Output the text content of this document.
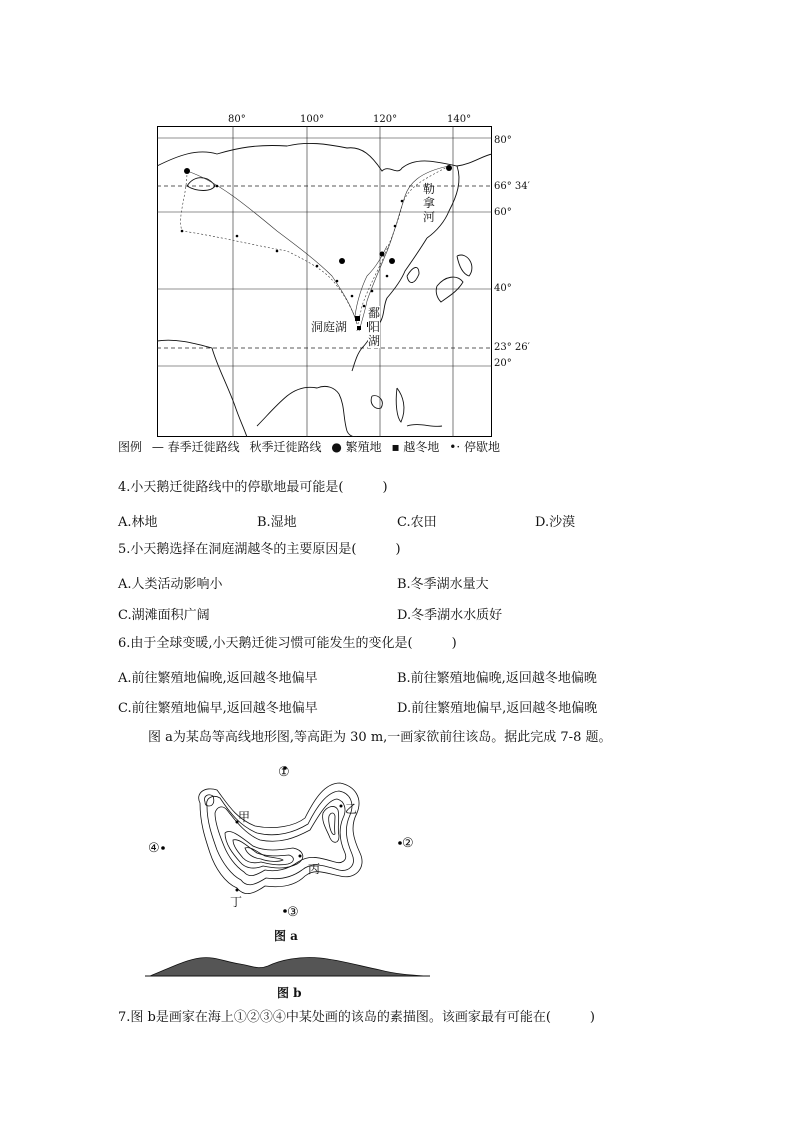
80°	100°	120°	140°
80°
66° 34′
60°
40°
23° 26′
20°
勒拿河
洞庭湖
鄱阳湖
图例 — 春季迁徙路线 秋季迁徙路线 ● 繁殖地 ▪ 越冬地 •· 停歇地
4.小天鹅迁徙路线中的停歇地最可能是(　　　)
A.林地	B.湿地	C.农田	D.沙漠
5.小天鹅选择在洞庭湖越冬的主要原因是(　　　)
A.人类活动影响小	B.冬季湖水量大
C.湖滩面积广阔	D.冬季湖水水质好
6.由于全球变暖,小天鹅迁徙习惯可能发生的变化是(　　　)
A.前往繁殖地偏晚,返回越冬地偏早	B.前往繁殖地偏晚,返回越冬地偏晚
C.前往繁殖地偏早,返回越冬地偏早	D.前往繁殖地偏早,返回越冬地偏晚
图 a为某岛等高线地形图,等高距为 30 m,一画家欲前往该岛。据此完成 7-8 题。
①
②
③
④
甲
乙
丙
丁
图 a
图 b
7.图 b是画家在海上①②③④中某处画的该岛的素描图。该画家最有可能在(　　　)
